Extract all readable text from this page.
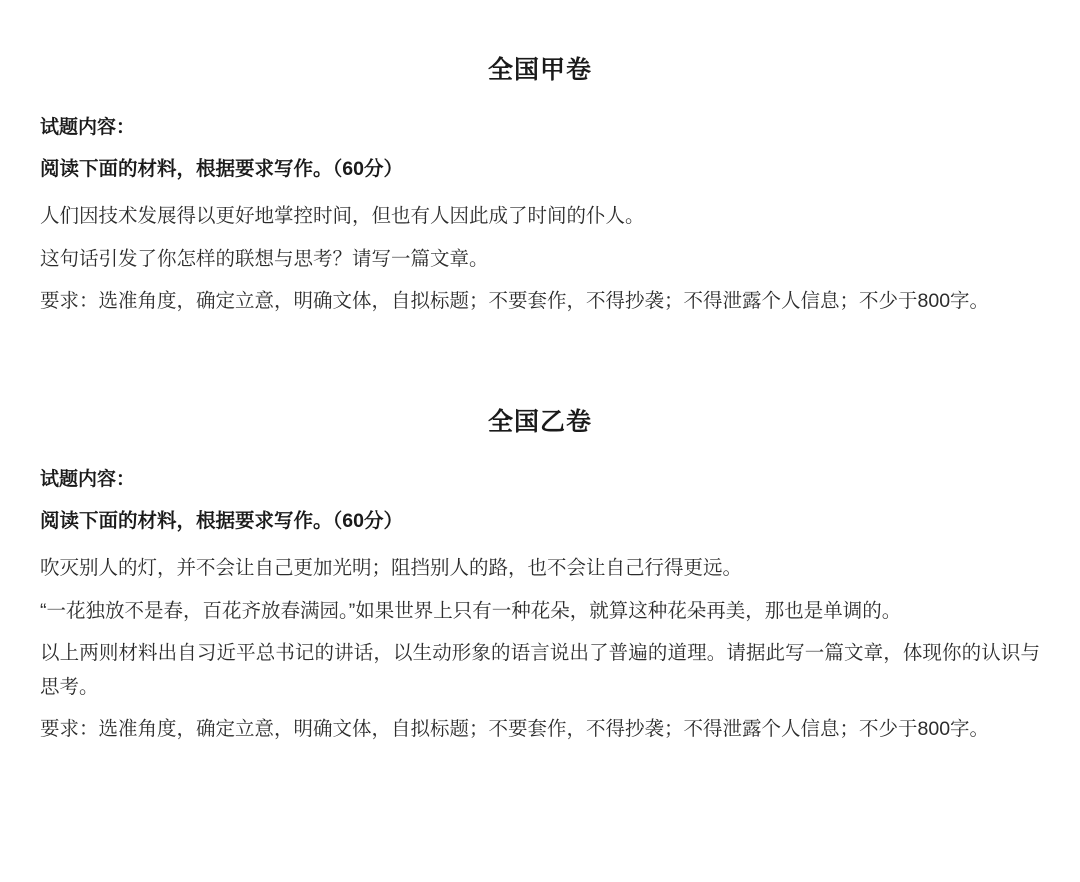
全国甲卷
试题内容：
阅读下面的材料，根据要求写作。（60分）

人们因技术发展得以更好地掌控时间，但也有人因此成了时间的仆人。

这句话引发了你怎样的联想与思考？请写一篇文章。

要求：选准角度，确定立意，明确文体，自拟标题；不要套作，不得抄袭；不得泄露个人信息；不少于800字。

全国乙卷
试题内容：
阅读下面的材料，根据要求写作。（60分）

吹灭别人的灯，并不会让自己更加光明；阻挡别人的路，也不会让自己行得更远。

“一花独放不是春，百花齐放春满园。”如果世界上只有一种花朵，就算这种花朵再美，那也是单调的。

以上两则材料出自习近平总书记的讲话，以生动形象的语言说出了普遍的道理。请据此写一篇文章，体现你的认识与思考。

要求：选准角度，确定立意，明确文体，自拟标题；不要套作，不得抄袭；不得泄露个人信息；不少于800字。
